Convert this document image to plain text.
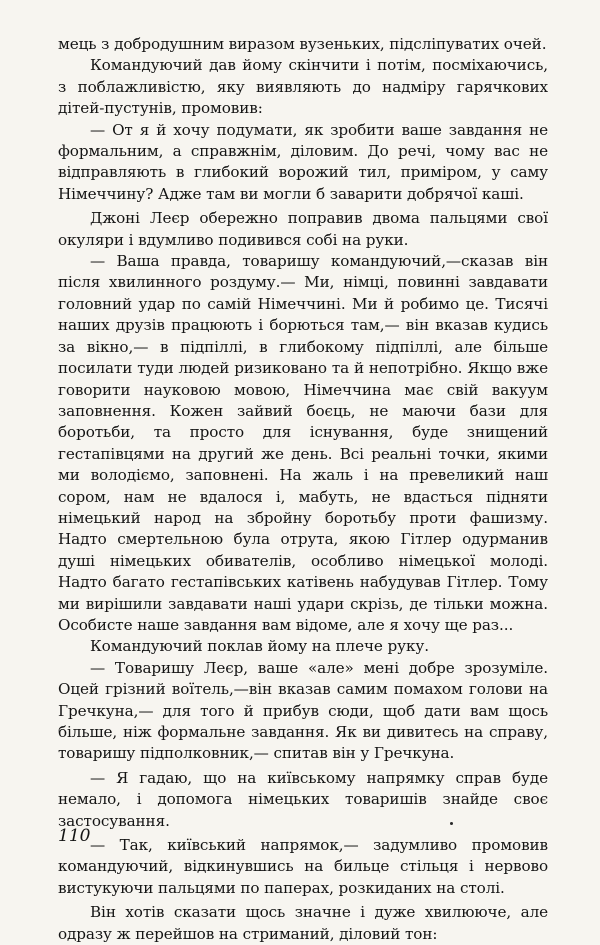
мець з добродушним виразом вузеньких, підсліпуватих очей.

Командуючий дав йому скінчити і потім, посміхаючись, з поблажливістю, яку виявляють до надміру гарячкових дітей-пустунів, промовив:

— От я й хочу подумати, як зробити ваше завдання не формальним, а справжнім, діловим. До речі, чому вас не відправляють в глибокий ворожий тил, приміром, у саму Німеччину? Адже там ви могли б заварити добрячої каші.

Джоні Леєр обережно поправив двома пальцями свої окуляри і вдумливо подивився собі на руки.

— Ваша правда, товаришу командуючий,—сказав він після хвилинного роздуму.— Ми, німці, повинні завдавати головний удар по самій Німеччині. Ми й робимо це. Тисячі наших друзів працюють і борються там,— він вказав кудись за вікно,— в підпіллі, в глибокому підпіллі, але більше посилати туди людей ризиковано та й непотрібно. Якщо вже говорити науковою мовою, Німеччина має свій вакуум заповнення. Кожен зайвий боєць, не маючи бази для боротьби, та просто для існування, буде знищений гестапівцями на другий же день. Всі реальні точки, якими ми володіємо, заповнені. На жаль і на превеликий наш сором, нам не вдалося і, мабуть, не вдасться підняти німецький народ на збройну боротьбу проти фашизму. Надто смертельною була отрута, якою Гітлер одурманив душі німецьких обивателів, особливо німецької молоді. Надто багато гестапівських катівень набудував Гітлер. Тому ми вирішили завдавати наші удари скрізь, де тільки можна. Особисте наше завдання вам відоме, але я хочу ще раз...

Командуючий поклав йому на плече руку.

— Товаришу Леєр, ваше «але» мені добре зрозуміле. Оцей грізний воїтель,—він вказав самим помахом голови на Гречкуна,— для того й прибув сюди, щоб дати вам щось більше, ніж формальне завдання. Як ви дивитесь на справу, товаришу підполковник,— спитав він у Гречкуна.

— Я гадаю, що на київському напрямку справ буде немало, і допомога німецьких товаришів знайде своє застосування.

— Так, київський напрямок,— задумливо промовив командуючий, відкинувшись на бильце стільця і нервово вистукуючи пальцями по паперах, розкиданих на столі.

Він хотів сказати щось значне і дуже хвилююче, але одразу ж перейшов на стриманий, діловий тон:

110
